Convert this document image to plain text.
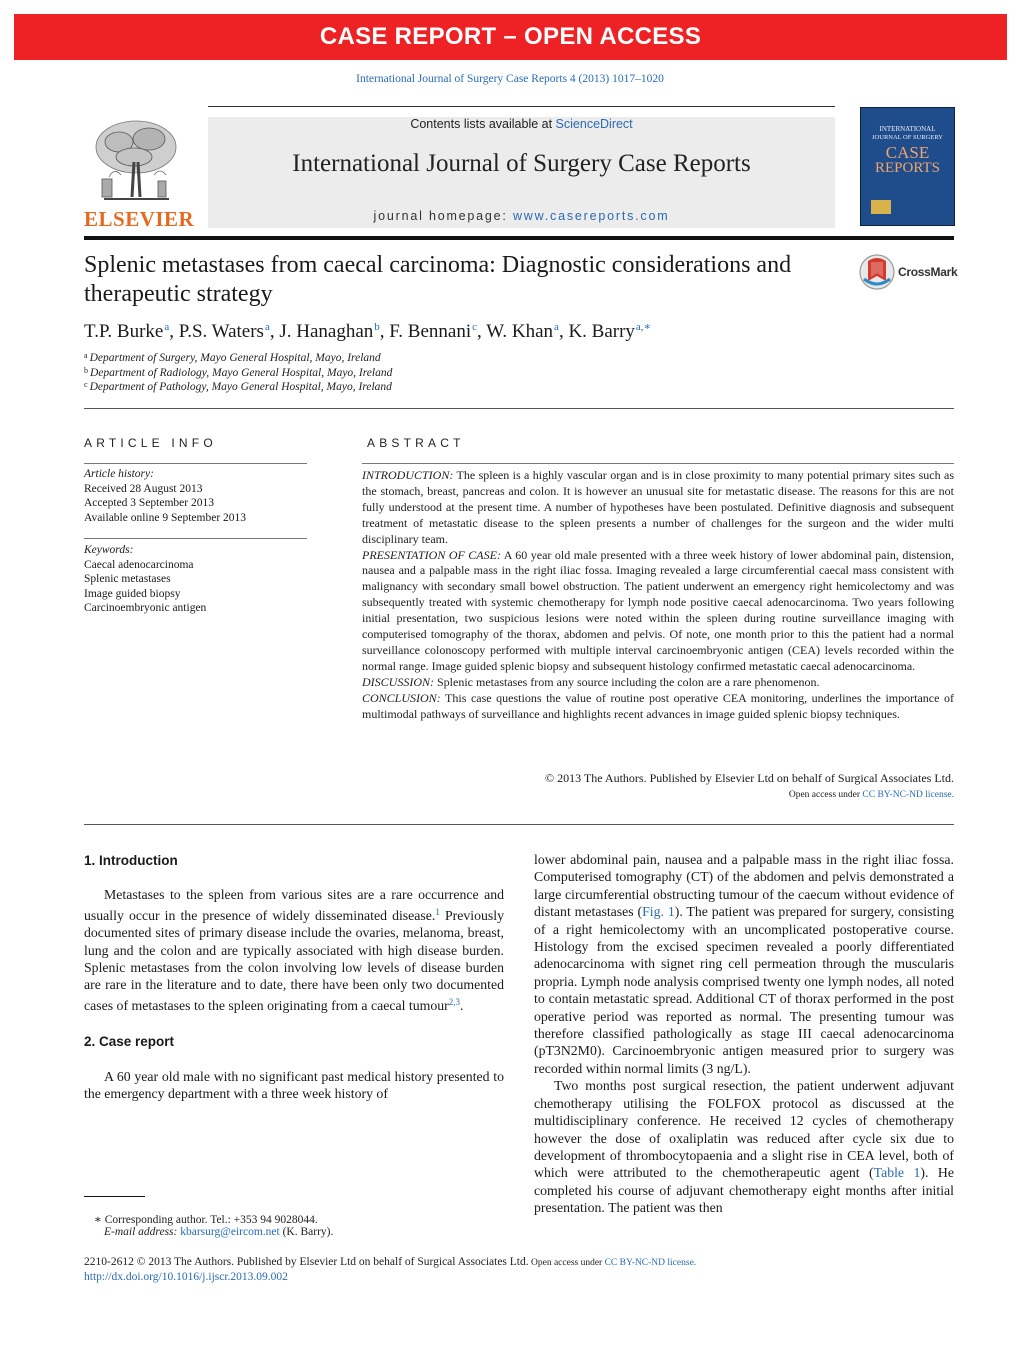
CASE REPORT – OPEN ACCESS
International Journal of Surgery Case Reports 4 (2013) 1017–1020
ELSEVIER
Contents lists available at ScienceDirect
International Journal of Surgery Case Reports
journal homepage: www.casereports.com
INTERNATIONAL
JOURNAL OF SURGERY
CASE
REPORTS
Splenic metastases from caecal carcinoma: Diagnostic considerations and therapeutic strategy
CrossMark
T.P. Burke$^a$, P.S. Waters$^a$, J. Hanaghan$^b$, F. Bennani$^c$, W. Khan$^a$, K. Barry$^{a,∗}$
$^a$ Department of Surgery, Mayo General Hospital, Mayo, Ireland
$^b$ Department of Radiology, Mayo General Hospital, Mayo, Ireland
$^c$ Department of Pathology, Mayo General Hospital, Mayo, Ireland
ARTICLE INFO
Article history:
Received 28 August 2013
Accepted 3 September 2013
Available online 9 September 2013
Keywords:
Caecal adenocarcinoma
Splenic metastases
Image guided biopsy
Carcinoembryonic antigen
ABSTRACT

INTRODUCTION: The spleen is a highly vascular organ and is in close proximity to many potential primary sites such as the stomach, breast, pancreas and colon. It is however an unusual site for metastatic disease. The reasons for this are not fully understood at the present time. A number of hypotheses have been postulated. Definitive diagnosis and subsequent treatment of metastatic disease to the spleen presents a number of challenges for the surgeon and the wider multi disciplinary team.

PRESENTATION OF CASE: A 60 year old male presented with a three week history of lower abdominal pain, distension, nausea and a palpable mass in the right iliac fossa. Imaging revealed a large circumferential caecal mass consistent with malignancy with secondary small bowel obstruction. The patient underwent an emergency right hemicolectomy and was subsequently treated with systemic chemotherapy for lymph node positive caecal adenocarcinoma. Two years following initial presentation, two suspicious lesions were noted within the spleen during routine surveillance imaging with computerised tomography of the thorax, abdomen and pelvis. Of note, one month prior to this the patient had a normal surveillance colonoscopy performed with multiple interval carcinoembryonic antigen (CEA) levels recorded within the normal range. Image guided splenic biopsy and subsequent histology confirmed metastatic caecal adenocarcinoma.

DISCUSSION: Splenic metastases from any source including the colon are a rare phenomenon.

CONCLUSION: This case questions the value of routine post operative CEA monitoring, underlines the importance of multimodal pathways of surveillance and highlights recent advances in image guided splenic biopsy techniques.

© 2013 The Authors. Published by Elsevier Ltd on behalf of Surgical Associates Ltd.
Open access under CC BY-NC-ND license.
1. Introduction

Metastases to the spleen from various sites are a rare occurrence and usually occur in the presence of widely disseminated disease.$^1$ Previously documented sites of primary disease include the ovaries, melanoma, breast, lung and the colon and are typically associated with high disease burden. Splenic metastases from the colon involving low levels of disease burden are rare in the literature and to date, there have been only two documented cases of metastases to the spleen originating from a caecal tumour$^{2,3}$.

2. Case report

A 60 year old male with no significant past medical history presented to the emergency department with a three week history of

lower abdominal pain, nausea and a palpable mass in the right iliac fossa. Computerised tomography (CT) of the abdomen and pelvis demonstrated a large circumferential obstructing tumour of the caecum without evidence of distant metastases (Fig. 1). The patient was prepared for surgery, consisting of a right hemicolectomy with an uncomplicated postoperative course. Histology from the excised specimen revealed a poorly differentiated adenocarcinoma with signet ring cell permeation through the muscularis propria. Lymph node analysis comprised twenty one lymph nodes, all noted to contain metastatic spread. Additional CT of thorax performed in the post operative period was reported as normal. The presenting tumour was therefore classified pathologically as stage III caecal adenocarcinoma (pT3N2M0). Carcinoembryonic antigen measured prior to surgery was recorded within normal limits (3 ng/L).

Two months post surgical resection, the patient underwent adjuvant chemotherapy utilising the FOLFOX protocol as discussed at the multidisciplinary conference. He received 12 cycles of chemotherapy however the dose of oxaliplatin was reduced after cycle six due to development of thrombocytopaenia and a slight rise in CEA level, both of which were attributed to the chemotherapeutic agent (Table 1). He completed his course of adjuvant chemotherapy eight months after initial presentation. The patient was then

∗ Corresponding author. Tel.: +353 94 9028044.
E-mail address: kbarsurg@eircom.net (K. Barry).
2210-2612 © 2013 The Authors. Published by Elsevier Ltd on behalf of Surgical Associates Ltd. Open access under CC BY-NC-ND license.
http://dx.doi.org/10.1016/j.ijscr.2013.09.002
